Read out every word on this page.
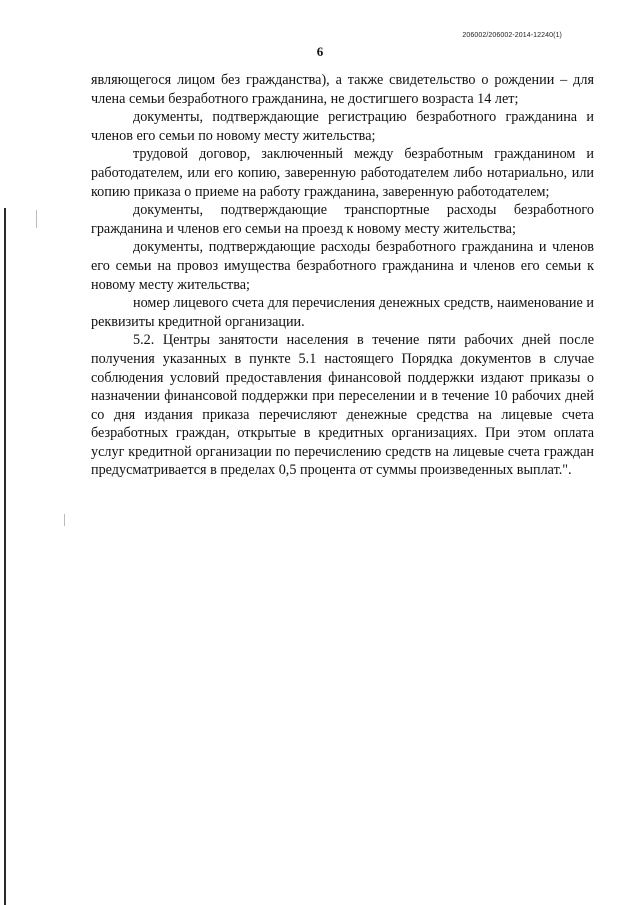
206002/206002-2014-12240(1)
6

являющегося лицом без гражданства), а также свидетельство о рождении – для члена семьи безработного гражданина, не достигшего возраста 14 лет;

документы, подтверждающие регистрацию безработного гражданина и членов его семьи по новому месту жительства;

трудовой договор, заключенный между безработным гражданином и работодателем, или его копию, заверенную работодателем либо нотариально, или копию приказа о приеме на работу гражданина, заверенную работодателем;

документы, подтверждающие транспортные расходы безработного гражданина и членов его семьи на проезд к новому месту жительства;

документы, подтверждающие расходы безработного гражданина и членов его семьи на провоз имущества безработного гражданина и членов его семьи к новому месту жительства;

номер лицевого счета для перечисления денежных средств, наименование и реквизиты кредитной организации.

5.2. Центры занятости населения в течение пяти рабочих дней после получения указанных в пункте 5.1 настоящего Порядка документов в случае соблюдения условий предоставления финансовой поддержки издают приказы о назначении финансовой поддержки при переселении и в течение 10 рабочих дней со дня издания приказа перечисляют денежные средства на лицевые счета безработных граждан, открытые в кредитных организациях. При этом оплата услуг кредитной организации по перечислению средств на лицевые счета граждан предусматривается в пределах 0,5 процента от суммы произведенных выплат.".
